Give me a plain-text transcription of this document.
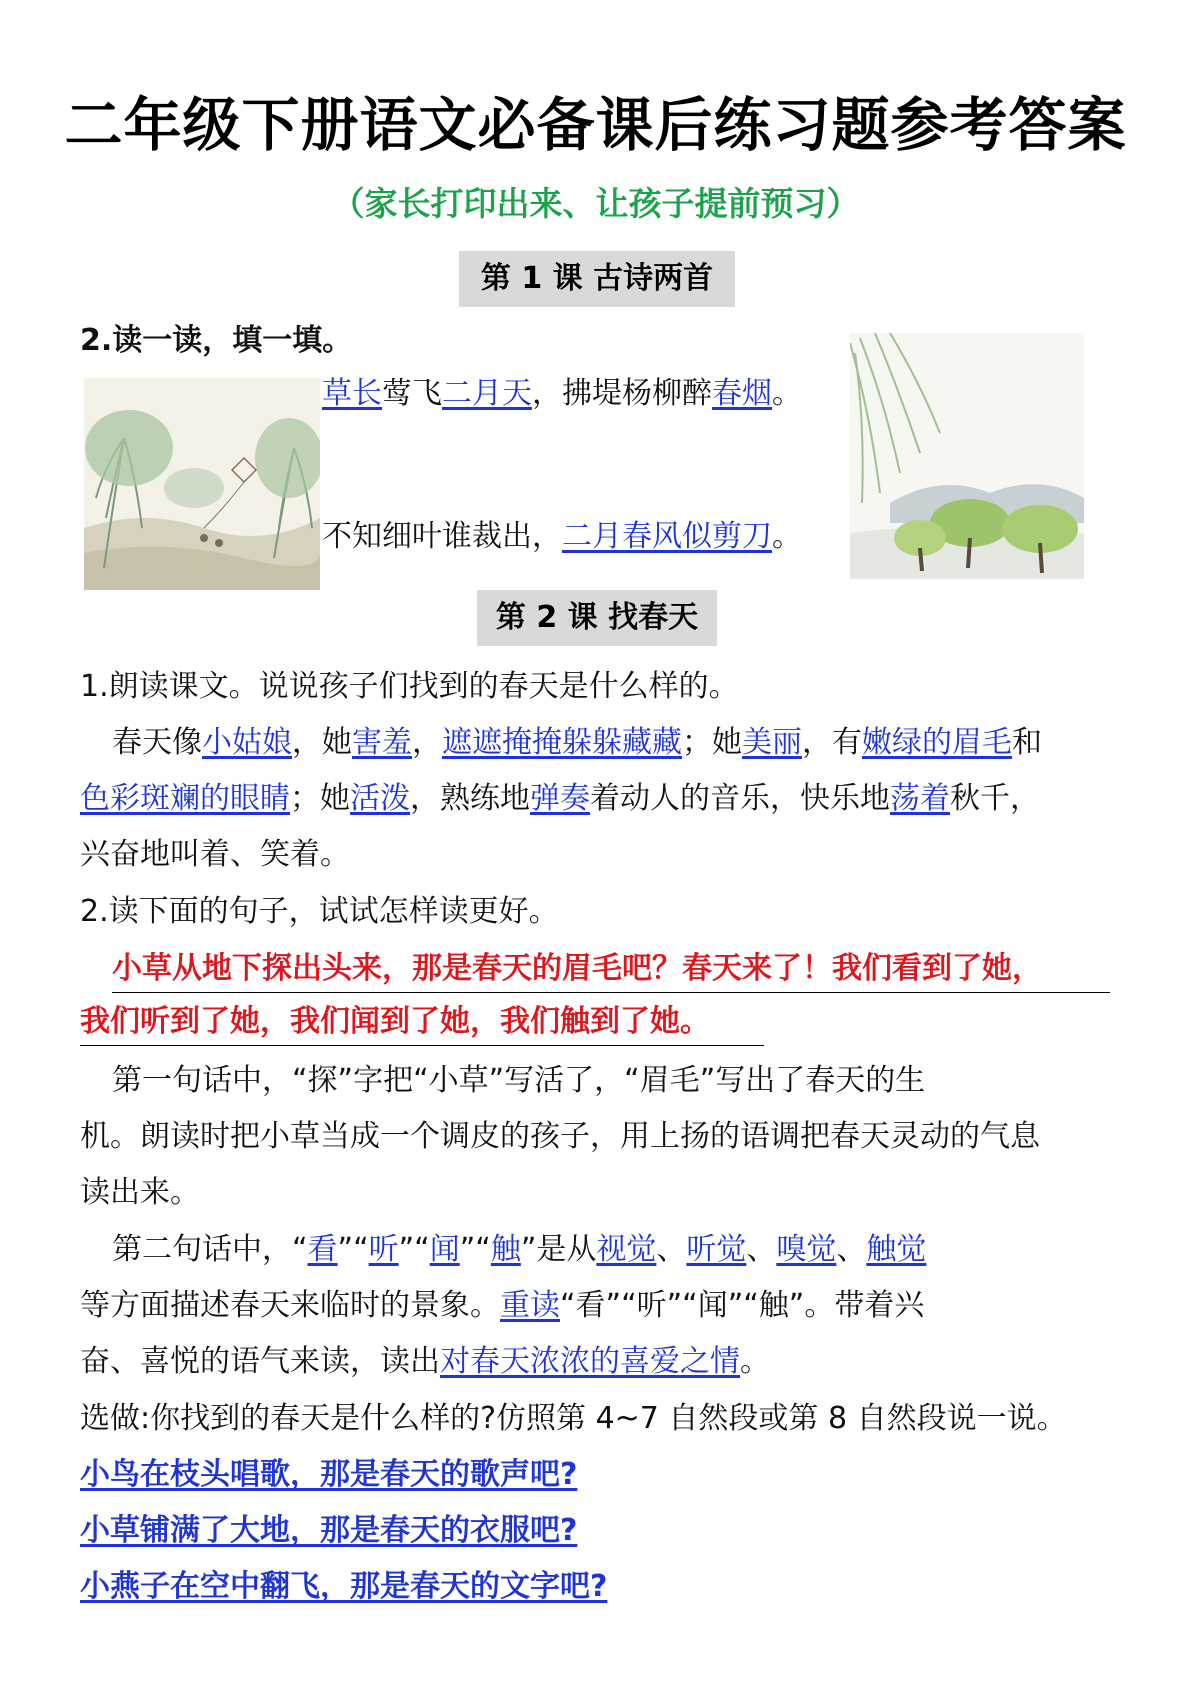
二年级下册语文必备课后练习题参考答案
（家长打印出来、让孩子提前预习）
第 1 课 古诗两首
2.读一读，填一填。
草长莺飞二月天，拂堤杨柳醉春烟。
不知细叶谁裁出，二月春风似剪刀。
第 2 课 找春天
1.朗读课文。说说孩子们找到的春天是什么样的。
春天像小姑娘，她害羞，遮遮掩掩躲躲藏藏；她美丽，有嫩绿的眉毛和
色彩斑斓的眼睛；她活泼，熟练地弹奏着动人的音乐，快乐地荡着秋千，
兴奋地叫着、笑着。
2.读下面的句子，试试怎样读更好。
小草从地下探出头来，那是春天的眉毛吧？春天来了！我们看到了她，
我们听到了她，我们闻到了她，我们触到了她。
第一句话中，“探”字把“小草”写活了，“眉毛”写出了春天的生
机。朗读时把小草当成一个调皮的孩子，用上扬的语调把春天灵动的气息
读出来。
第二句话中，“看”“听”“闻”“触”是从视觉、听觉、嗅觉、触觉
等方面描述春天来临时的景象。重读“看”“听”“闻”“触”。带着兴
奋、喜悦的语气来读，读出对春天浓浓的喜爱之情。
选做:你找到的春天是什么样的?仿照第 4~7 自然段或第 8 自然段说一说。
小鸟在枝头唱歌，那是春天的歌声吧?
小草铺满了大地，那是春天的衣服吧?
小燕子在空中翻飞，那是春天的文字吧?
